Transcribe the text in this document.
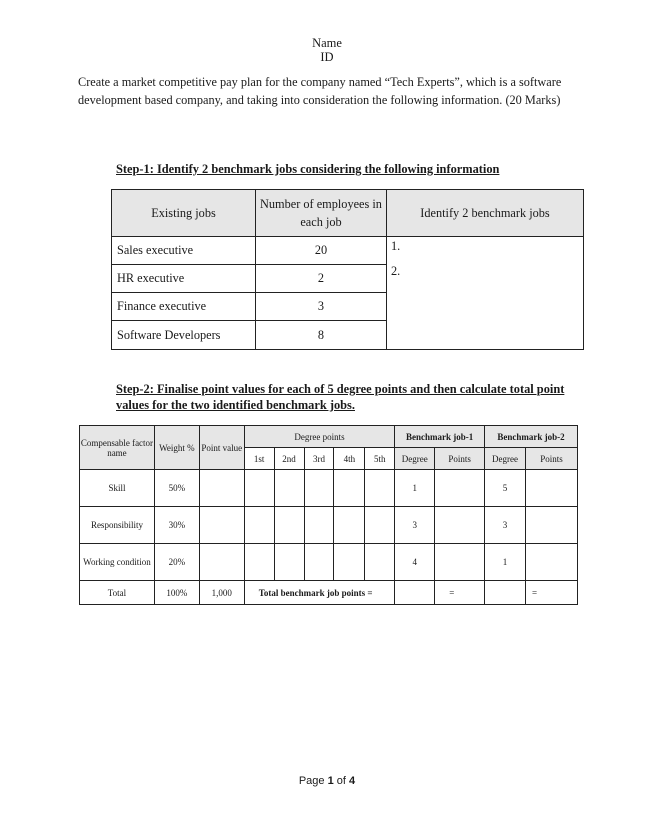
Name
ID
Create a market competitive pay plan for the company named “Tech Experts”, which is a software development based company, and taking into consideration the following information. (20 Marks)
Step-1: Identify 2 benchmark jobs considering the following information
Existing jobs	Number of employees in each job	Identify 2 benchmark jobs
Sales executive	20	1.
2.

HR executive	2	
Finance executive	3	
Software Developers	8	
Step-2: Finalise point values for each of 5 degree points and then calculate total point values for the two identified benchmark jobs.
Compensable factor name	Weight %	Point value	Degree points					Benchmark job-1		Benchmark job-2	
			1st	2nd	3rd	4th	5th	Degree	Points	Degree	Points
Skill	50%							1		5	
Responsibility	30%							3		3	
Working condition	20%							4		1	
Total	100%	1,000	Total benchmark job points =						=		=
Page 1 of 4
